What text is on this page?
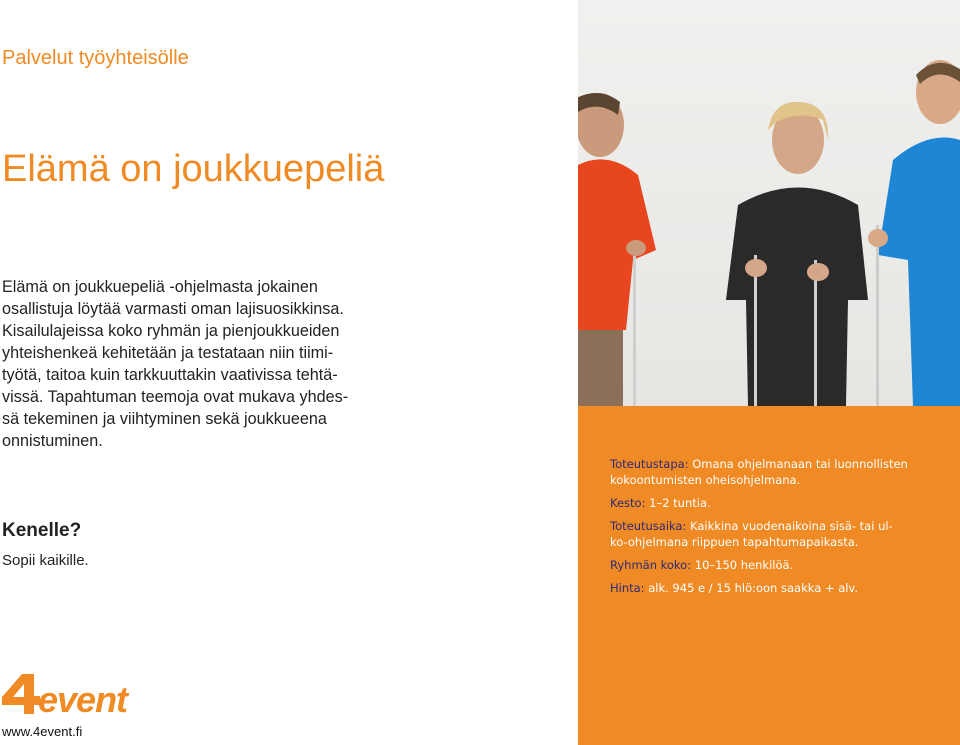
Palvelut työyhteisölle
Elämä on joukkuepeliä
Elämä on joukkuepeliä -ohjelmasta jokainen
osallistuja löytää varmasti oman lajisuosikkinsa.
Kisailulajeissa koko ryhmän ja pienjoukkueiden
yhteishenkeä kehitetään ja testataan niin tiimi-
työtä, taitoa kuin tarkkuuttakin vaativissa tehtä-
vissä. Tapahtuman teemoja ovat mukava yhdes-
sä tekeminen ja viihtyminen sekä joukkueena
onnistuminen.
Kenelle?
Sopii kaikille.
event
www.4event.fi
Toteutustapa: Omana ohjelmanaan tai luonnollisten
kokoontumisten oheisohjelmana.
Kesto: 1–2 tuntia.
Toteutusaika: Kaikkina vuodenaikoina sisä- tai ul-
ko-ohjelmana riippuen tapahtumapaikasta.
Ryhmän koko: 10–150 henkilöä.
Hinta: alk. 945 e / 15 hlö:oon saakka + alv.
